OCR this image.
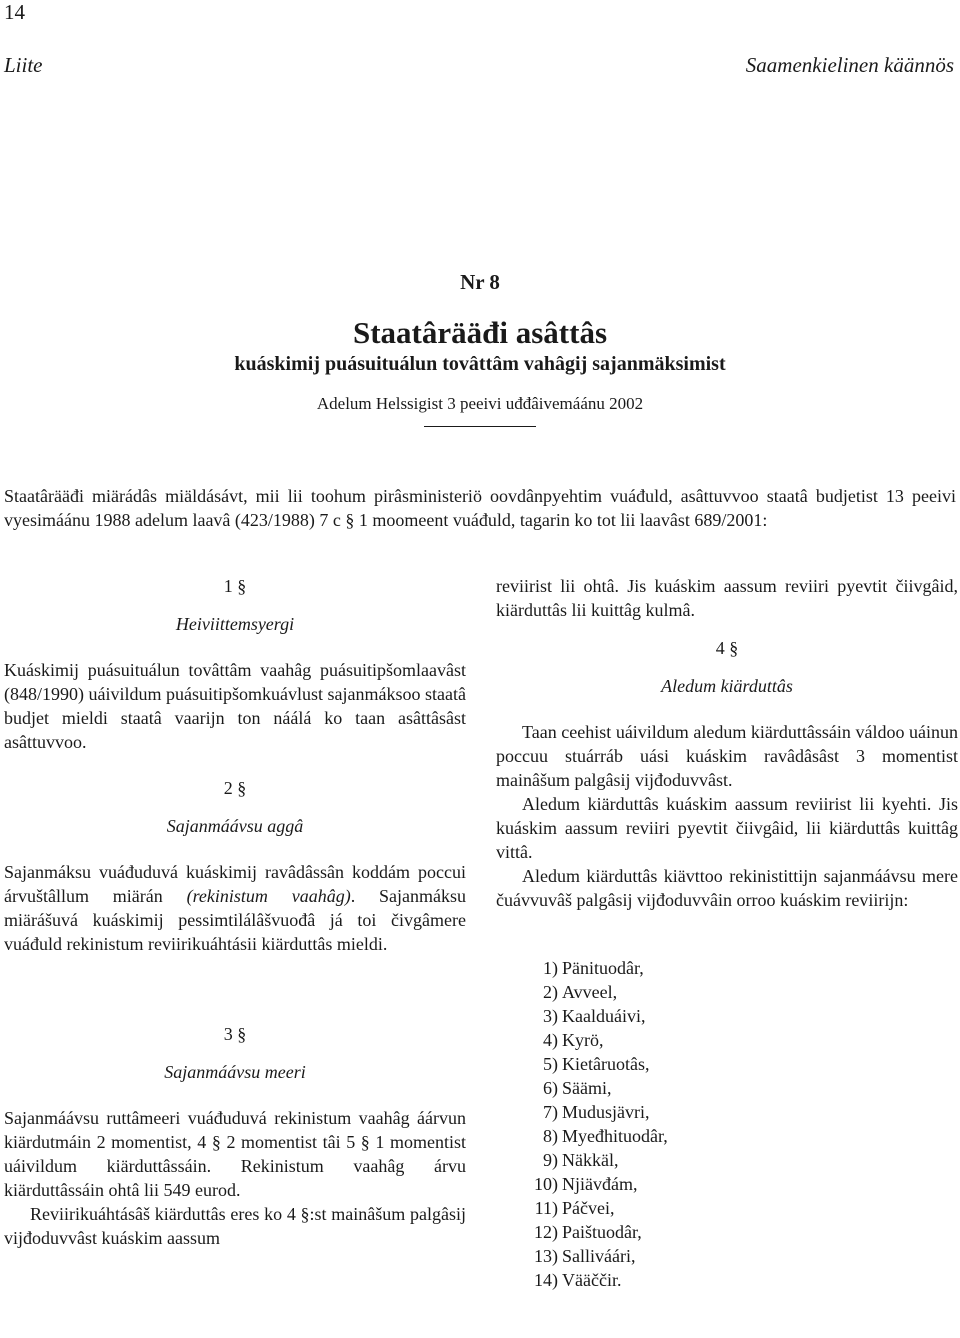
14
Liite	Saamenkielinen käännös
Nr 8
Staatârääđi asâttâs
kuáskimij puásuituálun tovâttâm vahâgij sajanmäksimist
Adelum Helssigist 3 peeivi uđđâivemáánu 2002
Staatârääđi miärádâs miäldásávt, mii lii toohum pirâsministeriö oovdânpyehtim vuáđuld, asâttuvvoo staatâ budjetist 13 peeivi vyesimáánu 1988 adelum laavâ (423/1988) 7 c § 1 moomeent vuáđuld, tagarin ko tot lii laavâst 689/2001:
1 §
Heiviittemsyergi

Kuáskimij puásuituálun tovâttâm vaahâg puásuitipšomlaavâst (848/1990) uáivildum puásuitipšomkuávlust sajanmáksoo staatâ budjet mieldi staatâ vaarijn ton náálá ko taan asâttâsâst asâttuvvoo.

2 §
Sajanmáávsu aggâ

Sajanmáksu vuáđuduvá kuáskimij ravâdâssân koddám poccui árvuštâllum miärán (rekinistum vaahâg). Sajanmáksu miärášuvá kuáskimij pessimtilálâšvuođâ já toi čivgâmere vuáđuld rekinistum reviirikuáhtásii kiärduttâs mieldi.

3 §
Sajanmáávsu meeri

Sajanmáávsu ruttâmeeri vuáđuduvá rekinistum vaahâg áárvun kiärdutmáin 2 momentist, 4 § 2 momentist tâi 5 § 1 momentist uáivildum kiärduttâssáin. Rekinistum vaahâg árvu kiärduttâssáin ohtâ lii 549 eurod.

Reviirikuáhtásâš kiärduttâs eres ko 4 §:st mainâšum palgâsij vijđoduvvâst kuáskim aassum

reviirist lii ohtâ. Jis kuáskim aassum reviiri pyevtit čiivgâid, kiärduttâs lii kuittâg kulmâ.

4 §
Aledum kiärduttâs

Taan ceehist uáivildum aledum kiärduttâssáin váldoo uáinun poccuu stuárráb uási kuáskim ravâdâsâst 3 momentist mainâšum palgâsij vijđoduvvâst.

Aledum kiärduttâs kuáskim aassum reviirist lii kyehti. Jis kuáskim aassum reviiri pyevtit čiivgâid, lii kiärduttâs kuittâg vittâ.

Aledum kiärduttâs kiävttoo rekinistittijn sajanmáávsu mere čuávvuvâš palgâsij vijđoduvvâin orroo kuáskim reviirijn:

1) Pänituodâr,
2) Avveel,
3) Kaalduáivi,
4) Kyrö,
5) Kietâruotâs,
6) Säämi,
7) Mudusjävri,
8) Myeđhituodâr,
9) Näkkäl,
10) Njiävđám,
11) Páčvei,
12) Paištuodâr,
13) Salliváári,
14) Vääččir.
